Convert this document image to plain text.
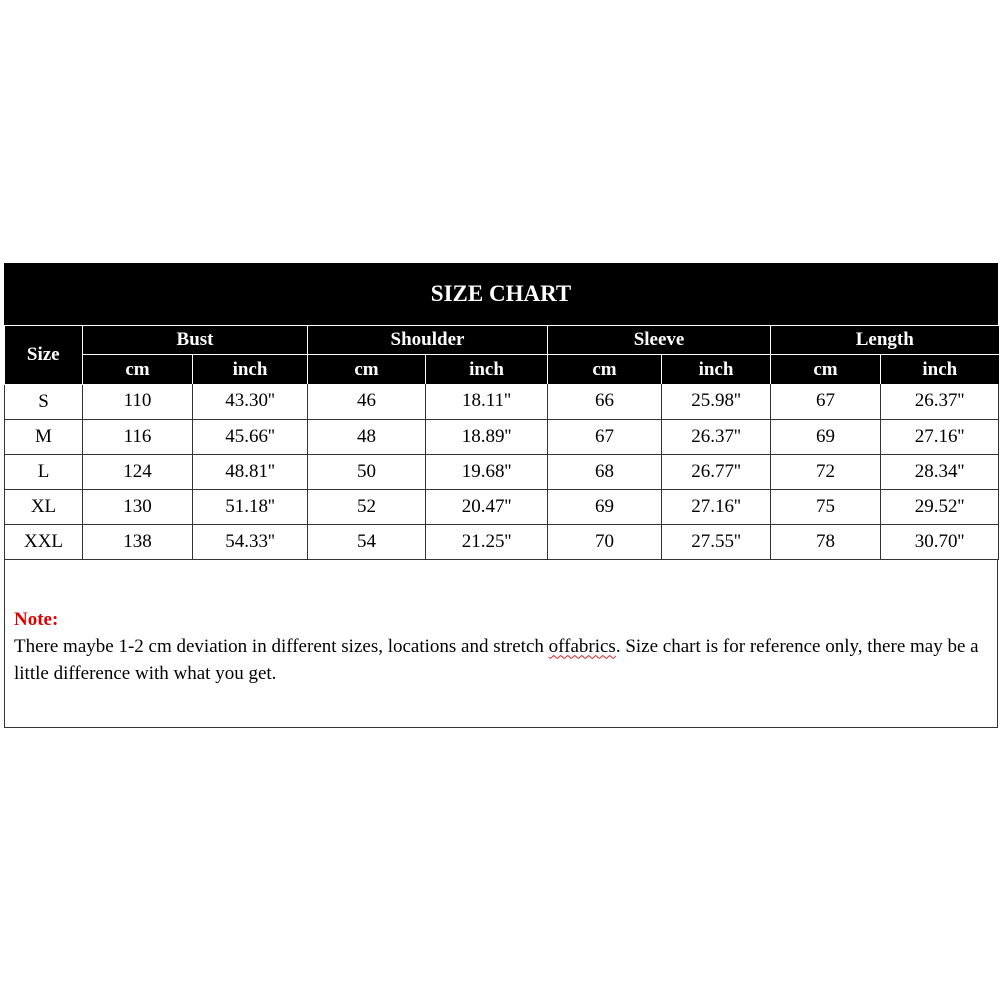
SIZE CHART
Size	Bust		Shoulder		Sleeve		Length	
	cm	inch	cm	inch	cm	inch	cm	inch
S	110	43.30''	46	18.11''	66	25.98''	67	26.37''
M	116	45.66''	48	18.89''	67	26.37''	69	27.16''
L	124	48.81''	50	19.68''	68	26.77''	72	28.34''
XL	130	51.18''	52	20.47''	69	27.16''	75	29.52''
XXL	138	54.33''	54	21.25''	70	27.55''	78	30.70''
Note:
There maybe 1-2 cm deviation in different sizes, locations and stretch offabrics. Size chart is for reference only, there may be a little difference with what you get.
